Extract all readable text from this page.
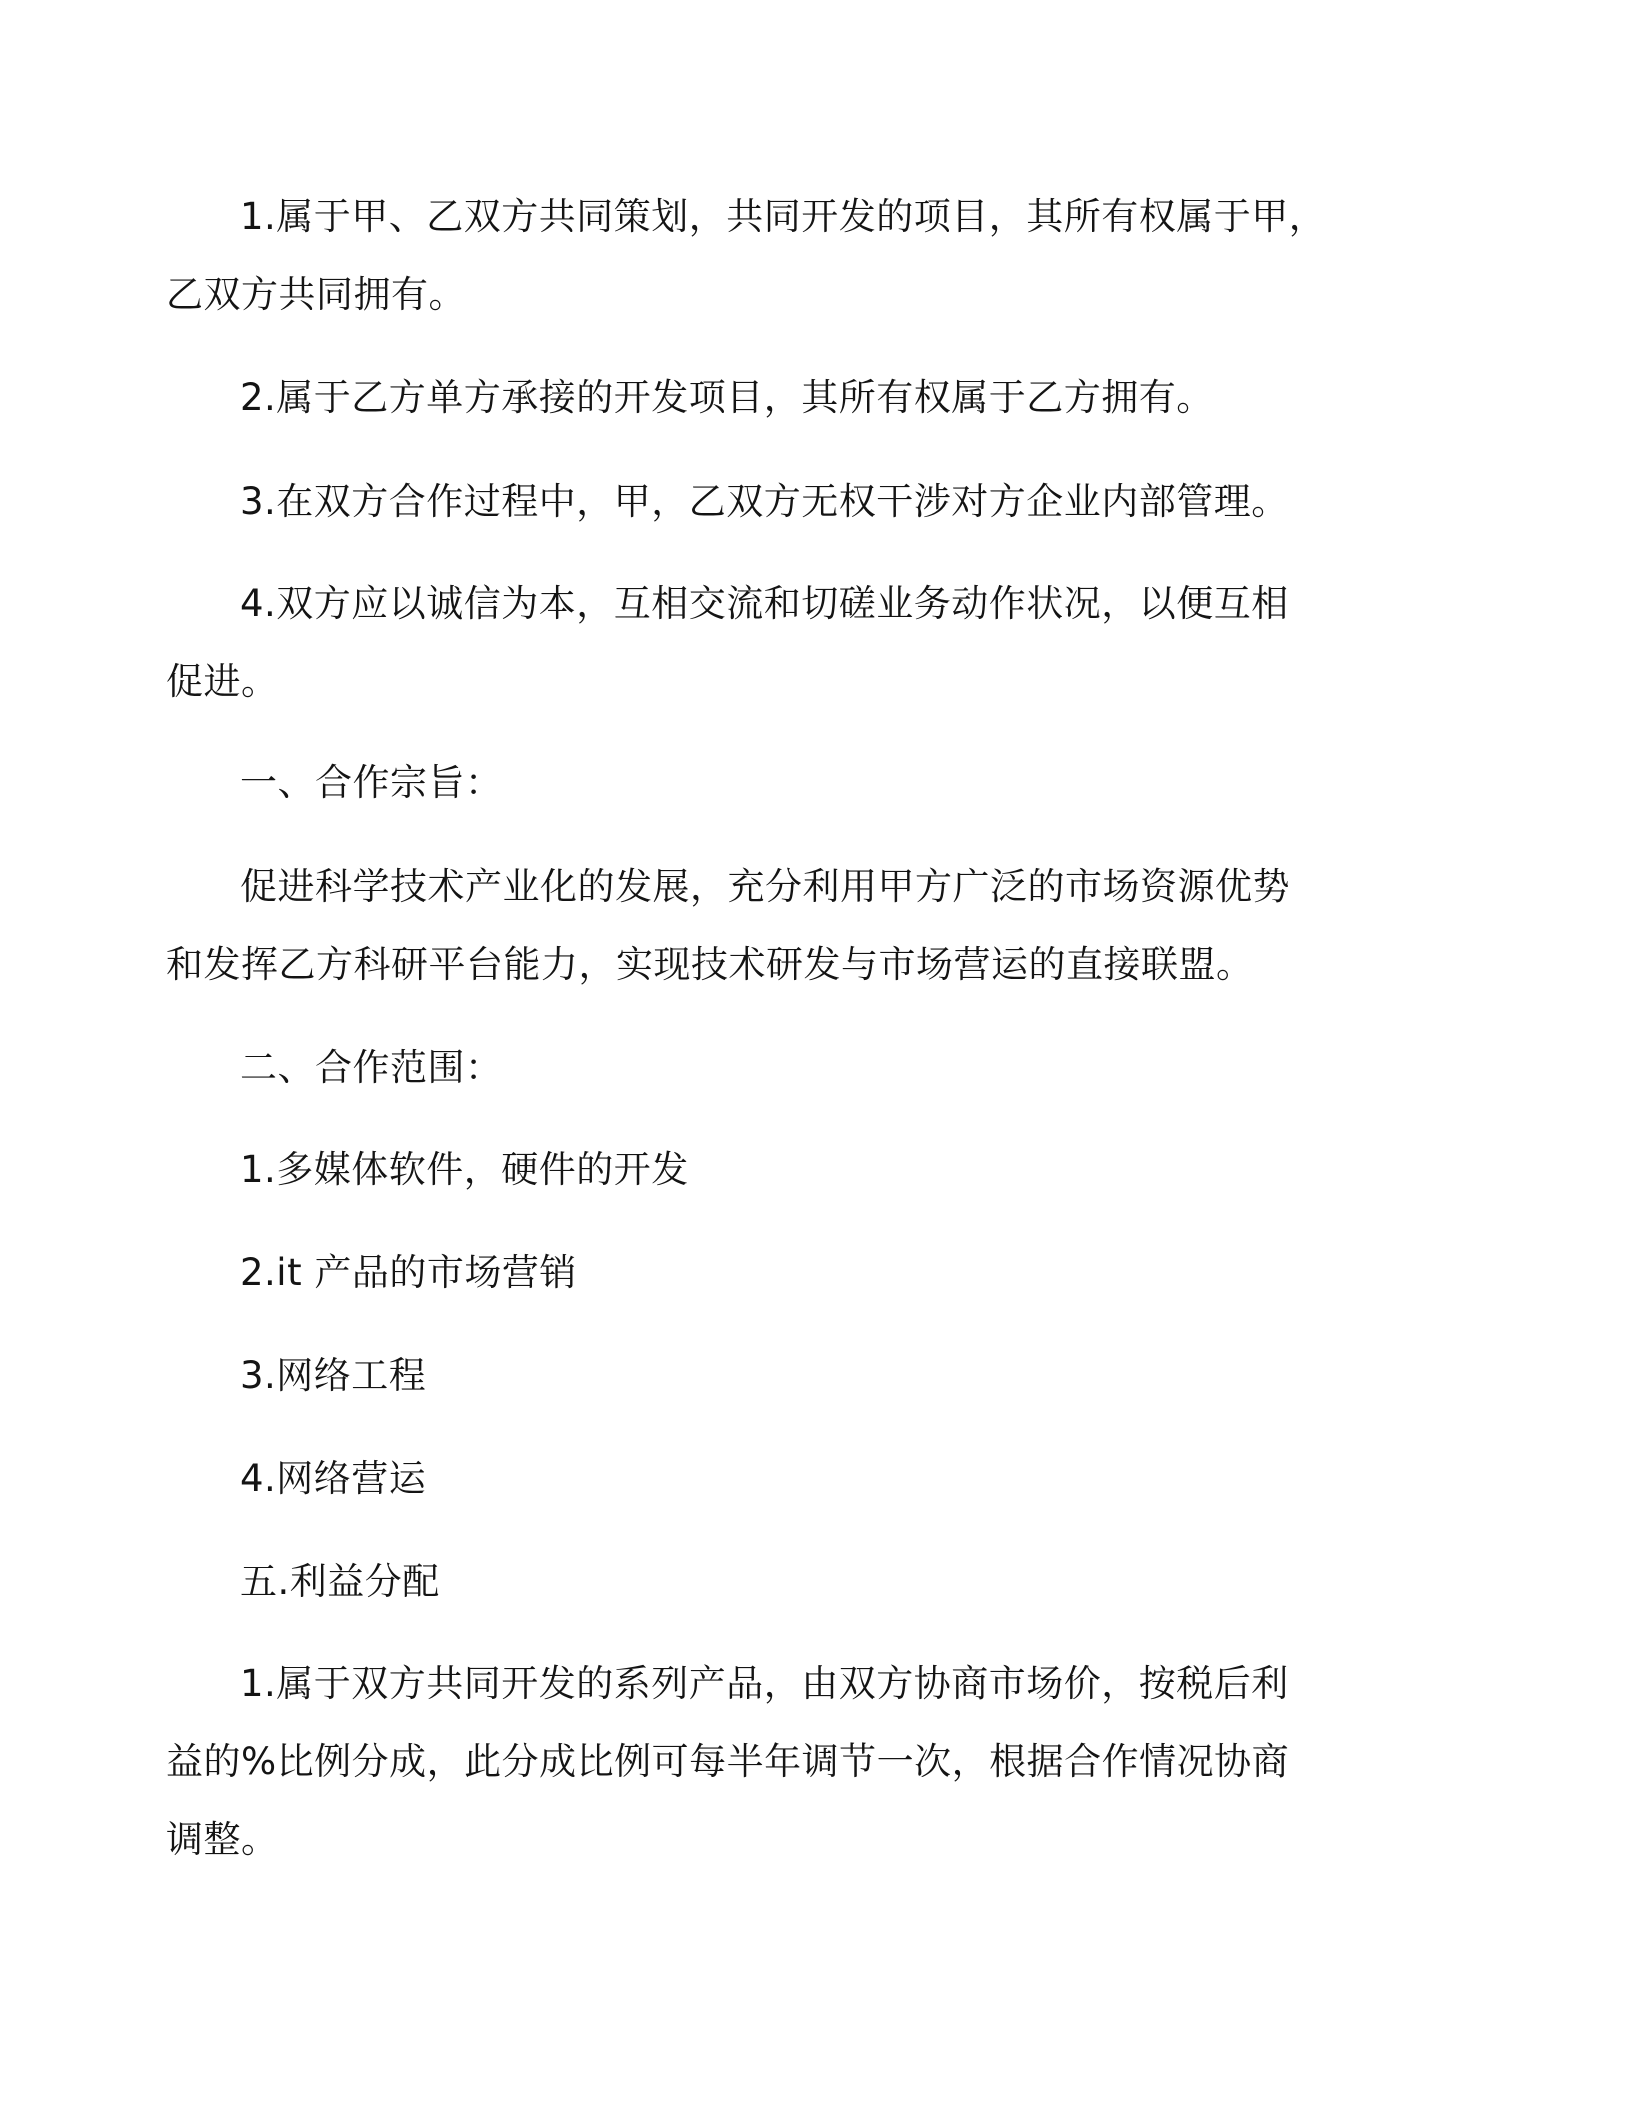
1.属于甲、乙双方共同策划，共同开发的项目，其所有权属于甲，
乙双方共同拥有。

2.属于乙方单方承接的开发项目，其所有权属于乙方拥有。

3.在双方合作过程中，甲，乙双方无权干涉对方企业内部管理。

4.双方应以诚信为本，互相交流和切磋业务动作状况，以便互相
促进。

一、合作宗旨：

促进科学技术产业化的发展，充分利用甲方广泛的市场资源优势
和发挥乙方科研平台能力，实现技术研发与市场营运的直接联盟。

二、合作范围：

1.多媒体软件，硬件的开发

2.it 产品的市场营销

3.网络工程

4.网络营运

五.利益分配

1.属于双方共同开发的系列产品，由双方协商市场价，按税后利
益的%比例分成，此分成比例可每半年调节一次，根据合作情况协商
调整。
